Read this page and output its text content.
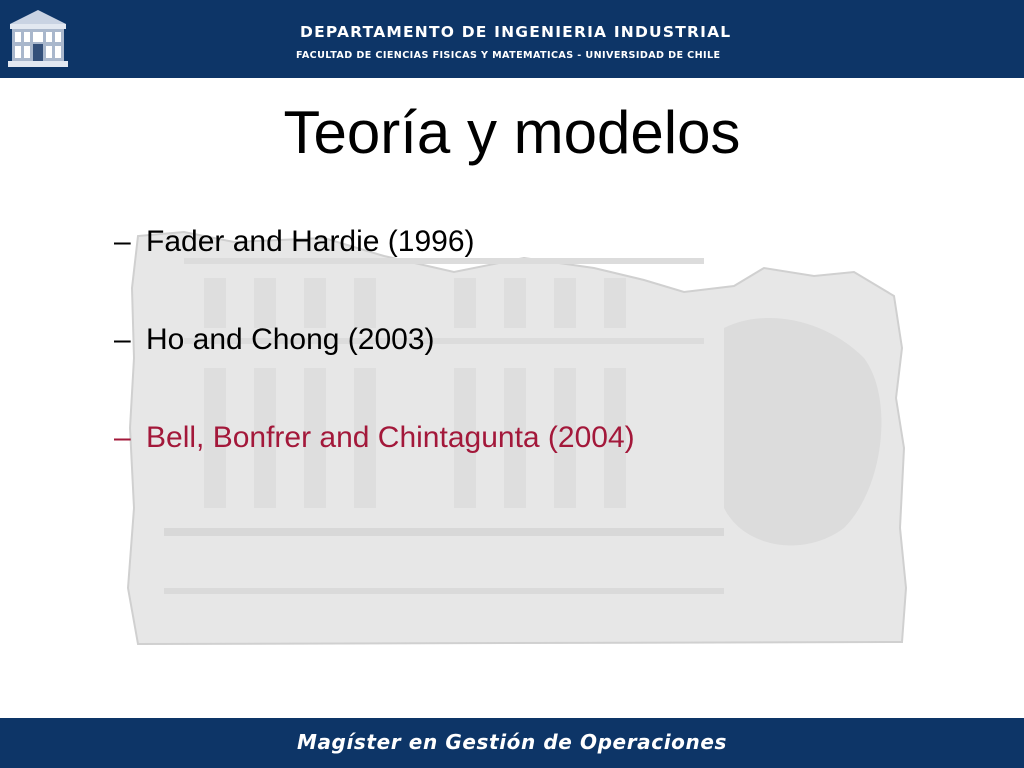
DEPARTAMENTO DE INGENIERIA INDUSTRIAL
FACULTAD DE CIENCIAS FISICAS Y MATEMATICAS - UNIVERSIDAD DE CHILE
Teoría y modelos
– Fader and Hardie (1996)
– Ho and Chong (2003)
– Bell, Bonfrer and Chintagunta (2004)
Magíster en Gestión de Operaciones
